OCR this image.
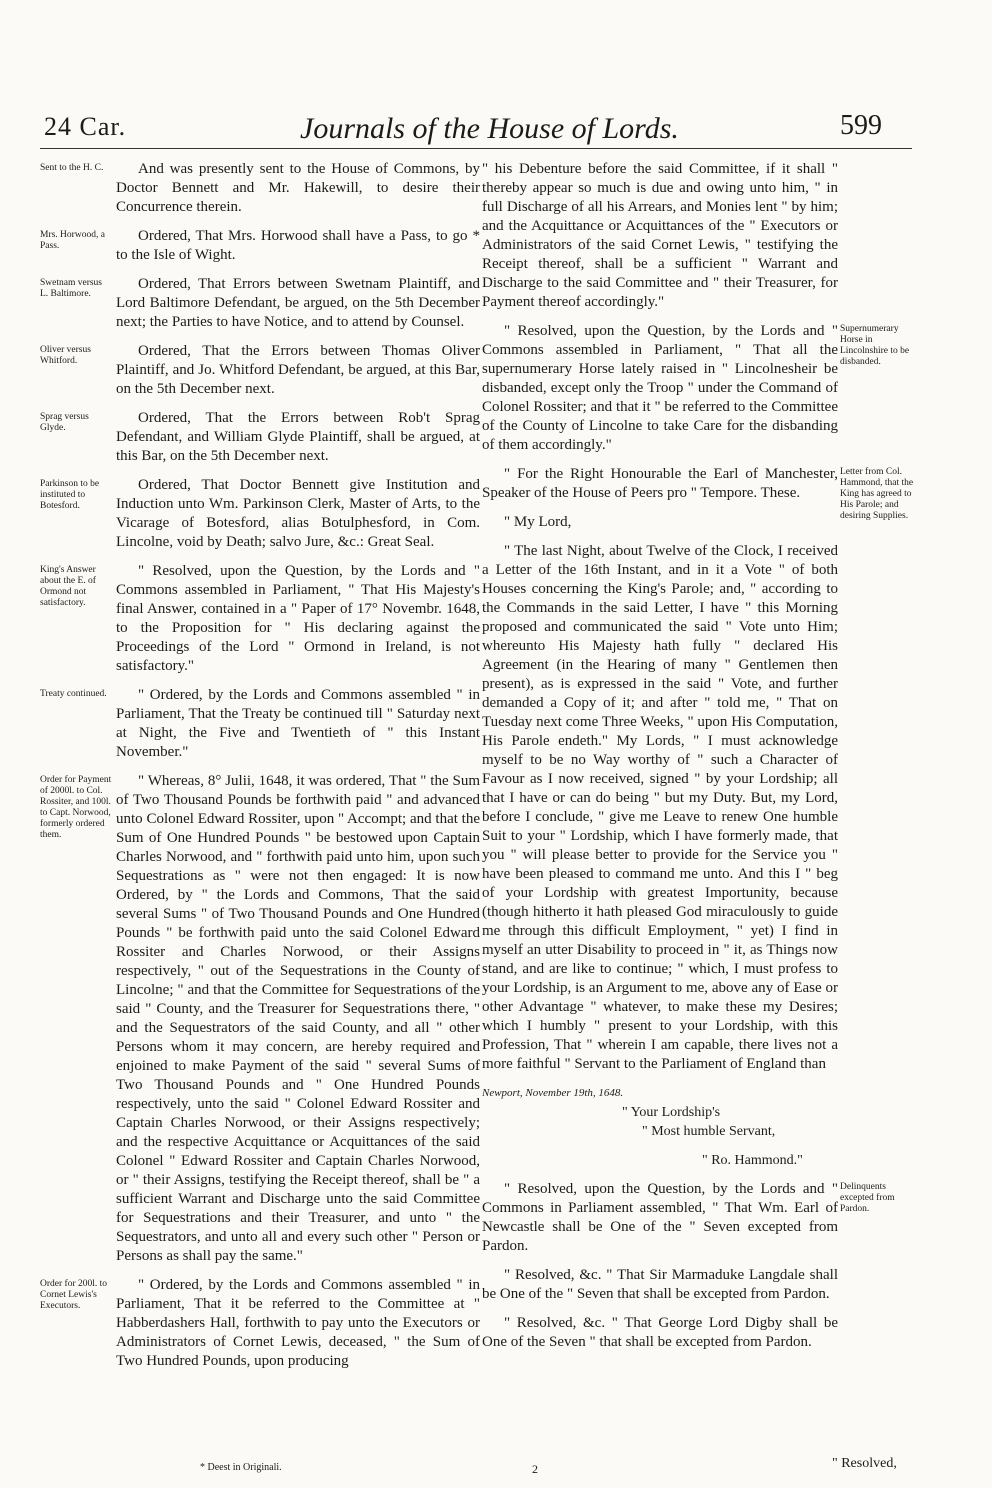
24 Car.	Journals of the House of Lords.	599
Sent to the H. C.	And was presently sent to the House of Commons, by Doctor Bennett and Mr. Hakewill, to desire their Concurrence therein.
Mrs. Horwood, a Pass.
Ordered, That Mrs. Horwood shall have a Pass, to go * to the Isle of Wight.
Swetnam versus L. Baltimore.
Ordered, That Errors between Swetnam Plaintiff, and Lord Baltimore Defendant, be argued, on the 5th December next; the Parties to have Notice, and to attend by Counsel.
Oliver versus Whitford.
Ordered, That the Errors between Thomas Oliver Plaintiff, and Jo. Whitford Defendant, be argued, at this Bar, on the 5th December next.
Sprag versus Glyde.
Ordered, That the Errors between Rob't Sprag Defendant, and William Glyde Plaintiff, shall be argued, at this Bar, on the 5th December next.
Parkinson to be instituted to Botesford.
Ordered, That Doctor Bennett give Institution and Induction unto Wm. Parkinson Clerk, Master of Arts, to the Vicarage of Botesford, alias Botulphesford, in Com. Lincolne, void by Death; salvo Jure, &c.: Great Seal.
King's Answer about the E. of Ormond not satisfactory.
" Resolved, upon the Question, by the Lords and " Commons assembled in Parliament, " That His Majesty's final Answer, contained in a " Paper of 17° Novembr. 1648, to the Proposition for " His declaring against the Proceedings of the Lord " Ormond in Ireland, is not satisfactory."
Treaty continued.	" Ordered, by the Lords and Commons assembled " in Parliament, That the Treaty be continued till " Saturday next at Night, the Five and Twentieth of " this Instant November."
Order for Payment of 2000l. to Col. Rossiter, and 100l. to Capt. Norwood, formerly ordered them.
" Whereas, 8° Julii, 1648, it was ordered, That " the Sum of Two Thousand Pounds be forthwith paid " and advanced unto Colonel Edward Rossiter, upon " Accompt; and that the Sum of One Hundred Pounds " be bestowed upon Captain Charles Norwood, and " forthwith paid unto him, upon such Sequestrations as " were not then engaged: It is now Ordered, by " the Lords and Commons, That the said several Sums " of Two Thousand Pounds and One Hundred Pounds " be forthwith paid unto the said Colonel Edward Rossiter and Charles Norwood, or their Assigns respectively, " out of the Sequestrations in the County of Lincolne; " and that the Committee for Sequestrations of the said " County, and the Treasurer for Sequestrations there, " and the Sequestrators of the said County, and all " other Persons whom it may concern, are hereby required and enjoined to make Payment of the said " several Sums of Two Thousand Pounds and " One Hundred Pounds respectively, unto the said " Colonel Edward Rossiter and Captain Charles Norwood, or their Assigns respectively; and the respective Acquittance or Acquittances of the said Colonel " Edward Rossiter and Captain Charles Norwood, or " their Assigns, testifying the Receipt thereof, shall be " a sufficient Warrant and Discharge unto the said Committee for Sequestrations and their Treasurer, and unto " the Sequestrators, and unto all and every such other " Person or Persons as shall pay the same."
Order for 200l. to Cornet Lewis's Executors.
" Ordered, by the Lords and Commons assembled " in Parliament, That it be referred to the Committee at " Habberdashers Hall, forthwith to pay unto the Executors or Administrators of Cornet Lewis, deceased, " the Sum of Two Hundred Pounds, upon producing
" his Debenture before the said Committee, if it shall " thereby appear so much is due and owing unto him, " in full Discharge of all his Arrears, and Monies lent " by him; and the Acquittance or Acquittances of the " Executors or Administrators of the said Cornet Lewis, " testifying the Receipt thereof, shall be a sufficient " Warrant and Discharge to the said Committee and " their Treasurer, for Payment thereof accordingly."
Supernumerary Horse in Lincolnshire to be disbanded.
" Resolved, upon the Question, by the Lords and " Commons assembled in Parliament, " That all the supernumerary Horse lately raised in " Lincolnesheir be disbanded, except only the Troop " under the Command of Colonel Rossiter; and that it " be referred to the Committee of the County of Lincolne to take Care for the disbanding of them accordingly."
Letter from Col. Hammond, that the King has agreed to His Parole; and desiring Supplies.
" For the Right Honourable the Earl of Manchester, Speaker of the House of Peers pro " Tempore. These.
" My Lord,
" The last Night, about Twelve of the Clock, I received a Letter of the 16th Instant, and in it a Vote " of both Houses concerning the King's Parole; and, " according to the Commands in the said Letter, I have " this Morning proposed and communicated the said " Vote unto Him; whereunto His Majesty hath fully " declared His Agreement (in the Hearing of many " Gentlemen then present), as is expressed in the said " Vote, and further demanded a Copy of it; and after " told me, " That on Tuesday next come Three Weeks, " upon His Computation, His Parole endeth." My Lords, " I must acknowledge myself to be no Way worthy of " such a Character of Favour as I now received, signed " by your Lordship; all that I have or can do being " but my Duty. But, my Lord, before I conclude, " give me Leave to renew One humble Suit to your " Lordship, which I have formerly made, that you " will please better to provide for the Service you " have been pleased to command me unto. And this I " beg of your Lordship with greatest Importunity, because (though hitherto it hath pleased God miraculously to guide me through this difficult Employment, " yet) I find in myself an utter Disability to proceed in " it, as Things now stand, and are like to continue; " which, I must profess to your Lordship, is an Argument to me, above any of Ease or other Advantage " whatever, to make these my Desires; which I humbly " present to your Lordship, with this Profession, That " wherein I am capable, there lives not a more faithful " Servant to the Parliament of England than
Newport, November 19th, 1648.
" Your Lordship's
" Most humble Servant,
" Ro. Hammond."
Delinquents excepted from Pardon.
" Resolved, upon the Question, by the Lords and " Commons in Parliament assembled, " That Wm. Earl of Newcastle shall be One of the " Seven excepted from Pardon.
" Resolved, &c. " That Sir Marmaduke Langdale shall be One of the " Seven that shall be excepted from Pardon.
" Resolved, &c. " That George Lord Digby shall be One of the Seven " that shall be excepted from Pardon.
* Deest in Originali.	2	" Resolved,
